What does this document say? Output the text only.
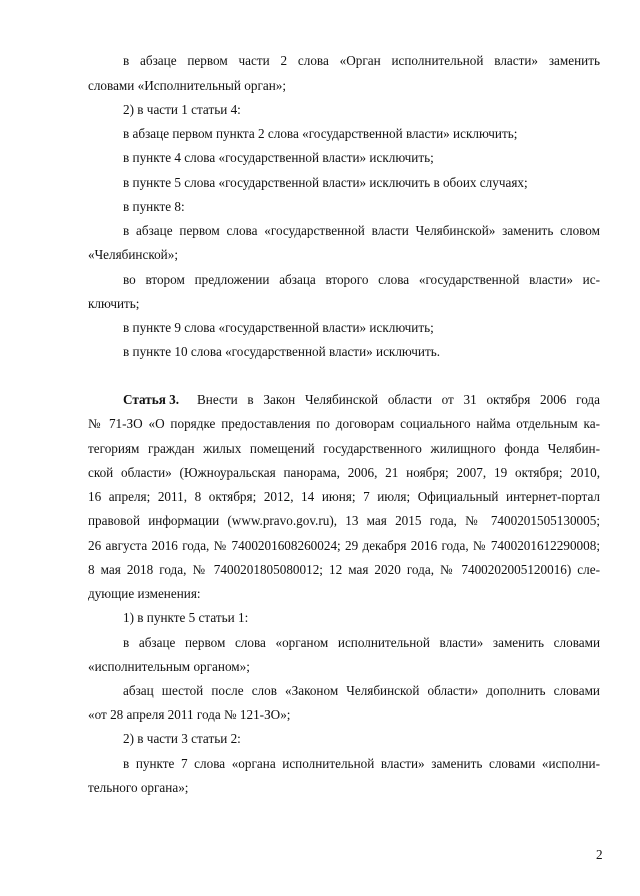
в абзаце первом части 2 слова «Орган исполнительной власти» заменить
словами «Исполнительный орган»;
2) в части 1 статьи 4:
в абзаце первом пункта 2 слова «государственной власти» исключить;
в пункте 4 слова «государственной власти» исключить;
в пункте 5 слова «государственной власти» исключить в обоих случаях;
в пункте 8:
в абзаце первом слова «государственной власти Челябинской» заменить словом
«Челябинской»;
во втором предложении абзаца второго слова «государственной власти» ис-
ключить;
в пункте 9 слова «государственной власти» исключить;
в пункте 10 слова «государственной власти» исключить.
Статья 3. Внести в Закон Челябинской области от 31 октября 2006 года
№ 71-ЗО «О порядке предоставления по договорам социального найма отдельным ка-
тегориям граждан жилых помещений государственного жилищного фонда Челябин-
ской области» (Южноуральская панорама, 2006, 21 ноября; 2007, 19 октября; 2010,
16 апреля; 2011, 8 октября; 2012, 14 июня; 7 июля; Официальный интернет-портал
правовой информации (www.pravo.gov.ru), 13 мая 2015 года, № 7400201505130005;
26 августа 2016 года, № 7400201608260024; 29 декабря 2016 года, № 7400201612290008;
8 мая 2018 года, № 7400201805080012; 12 мая 2020 года, № 7400202005120016) сле-
дующие изменения:
1) в пункте 5 статьи 1:
в абзаце первом слова «органом исполнительной власти» заменить словами
«исполнительным органом»;
абзац шестой после слов «Законом Челябинской области» дополнить словами
«от 28 апреля 2011 года № 121-ЗО»;
2) в части 3 статьи 2:
в пункте 7 слова «органа исполнительной власти» заменить словами «исполни-
тельного органа»;
2
